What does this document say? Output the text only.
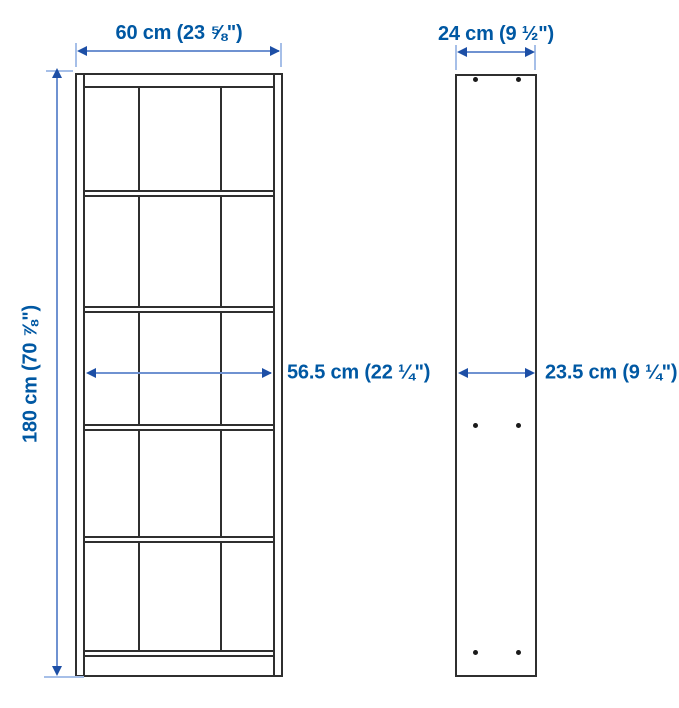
60 cm (23 ⅝")
180 cm (70 ⅞")	56.5 cm (22 ¼")
24 cm (9 ½")
23.5 cm (9 ¼")
